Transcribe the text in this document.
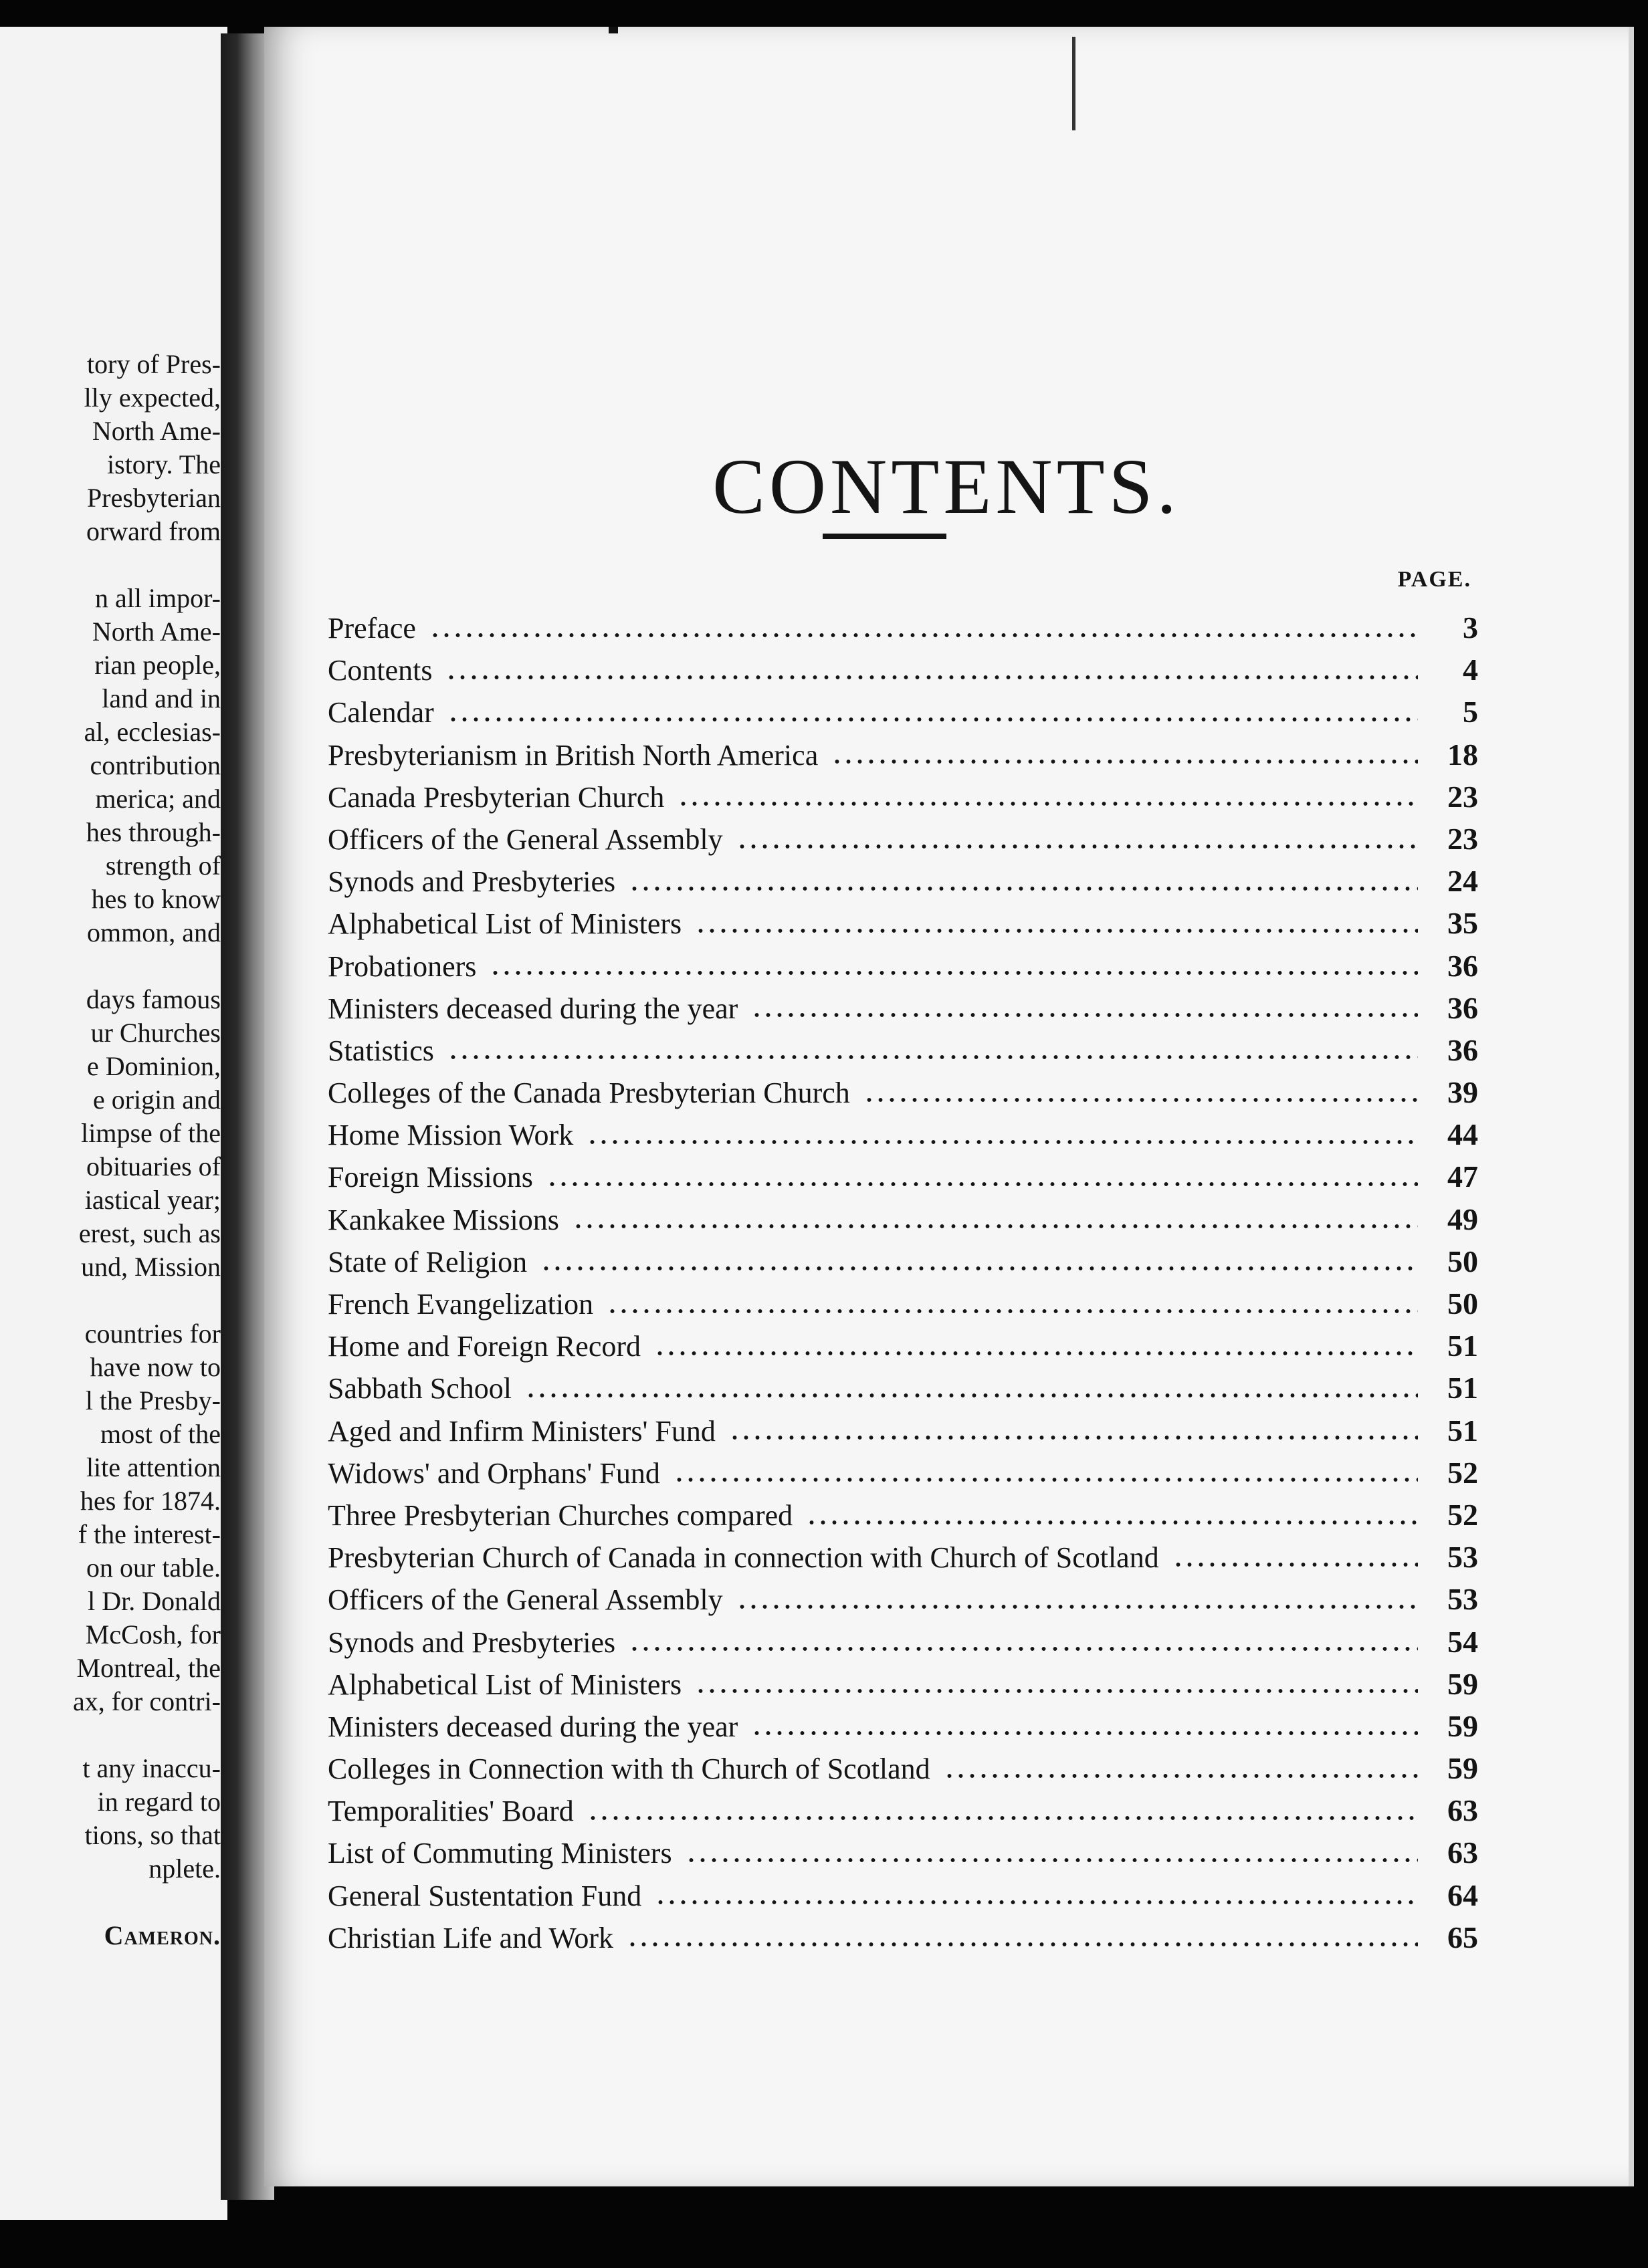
tory of Pres-
lly expected,
North Ame-
istory. The
Presbyterian
orward from
n all impor-
North Ame-
rian people,
land and in
al, ecclesias-
contribution
merica; and
hes through-
strength of
hes to know
ommon, and
days famous
ur Churches
e Dominion,
e origin and
limpse of the
obituaries of
iastical year;
erest, such as
und, Mission
countries for
have now to
l the Presby-
most of the
lite attention
hes for 1874.
f the interest-
on our table.
l Dr. Donald
McCosh, for
Montreal, the
ax, for contri-
t any inaccu-
in regard to
tions, so that
nplete.
Cameron.
CONTENTS.
PAGE.
Preface	3
Contents	4
Calendar	5
Presbyterianism in British North America	18
Canada Presbyterian Church	23
Officers of the General Assembly	23
Synods and Presbyteries	24
Alphabetical List of Ministers	35
Probationers	36
Ministers deceased during the year	36
Statistics	36
Colleges of the Canada Presbyterian Church	39
Home Mission Work	44
Foreign Missions	47
Kankakee Missions	49
State of Religion	50
French Evangelization	50
Home and Foreign Record	51
Sabbath School	51
Aged and Infirm Ministers' Fund	51
Widows' and Orphans' Fund	52
Three Presbyterian Churches compared	52
Presbyterian Church of Canada in connection with Church of Scotland	53
Officers of the General Assembly	53
Synods and Presbyteries	54
Alphabetical List of Ministers	59
Ministers deceased during the year	59
Colleges in Connection with th Church of Scotland	59
Temporalities' Board	63
List of Commuting Ministers	63
General Sustentation Fund	64
Christian Life and Work	65
